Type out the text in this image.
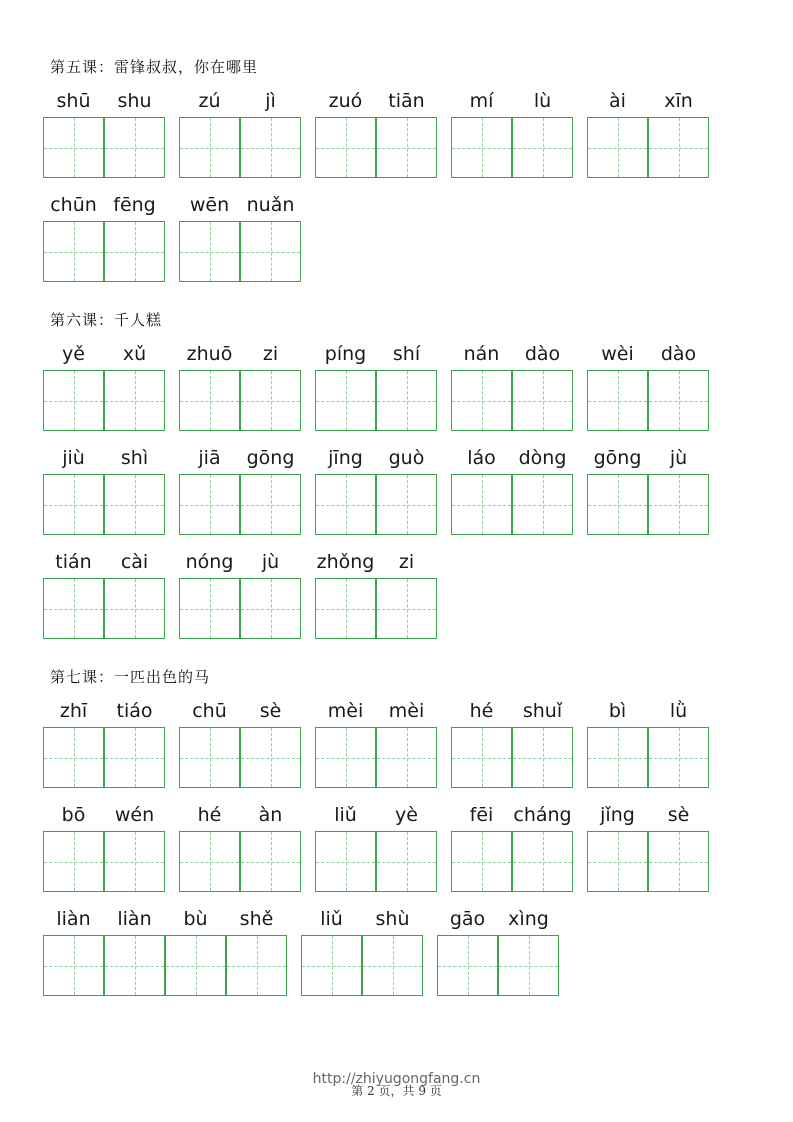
第五课：雷锋叔叔，你在哪里
shū	shu	zú	jì	zuó	tiān	mí	lù	ài	xīn
chūn fēng	wēn nuǎn
第六课：千人糕
yě	xǔ	zhuō	zi	píng	shí	nán	dào	wèi	dào
jiù	shì	jiā	gōng	jīng	guò	láo	dòng	gōng	jù
tián	cài	nóng	jù	zhǒng	zi
第七课：一匹出色的马
zhī	tiáo	chū	sè	mèi	mèi	hé	shuǐ	bì	lǜ
bō	wén	hé	àn	liǔ	yè	fēi	cháng	jǐng	sè
liàn	liàn	bù	shě	liǔ	shù	gāo	xìng
http://zhiyugongfang.cn
第 2 页，共 9 页
